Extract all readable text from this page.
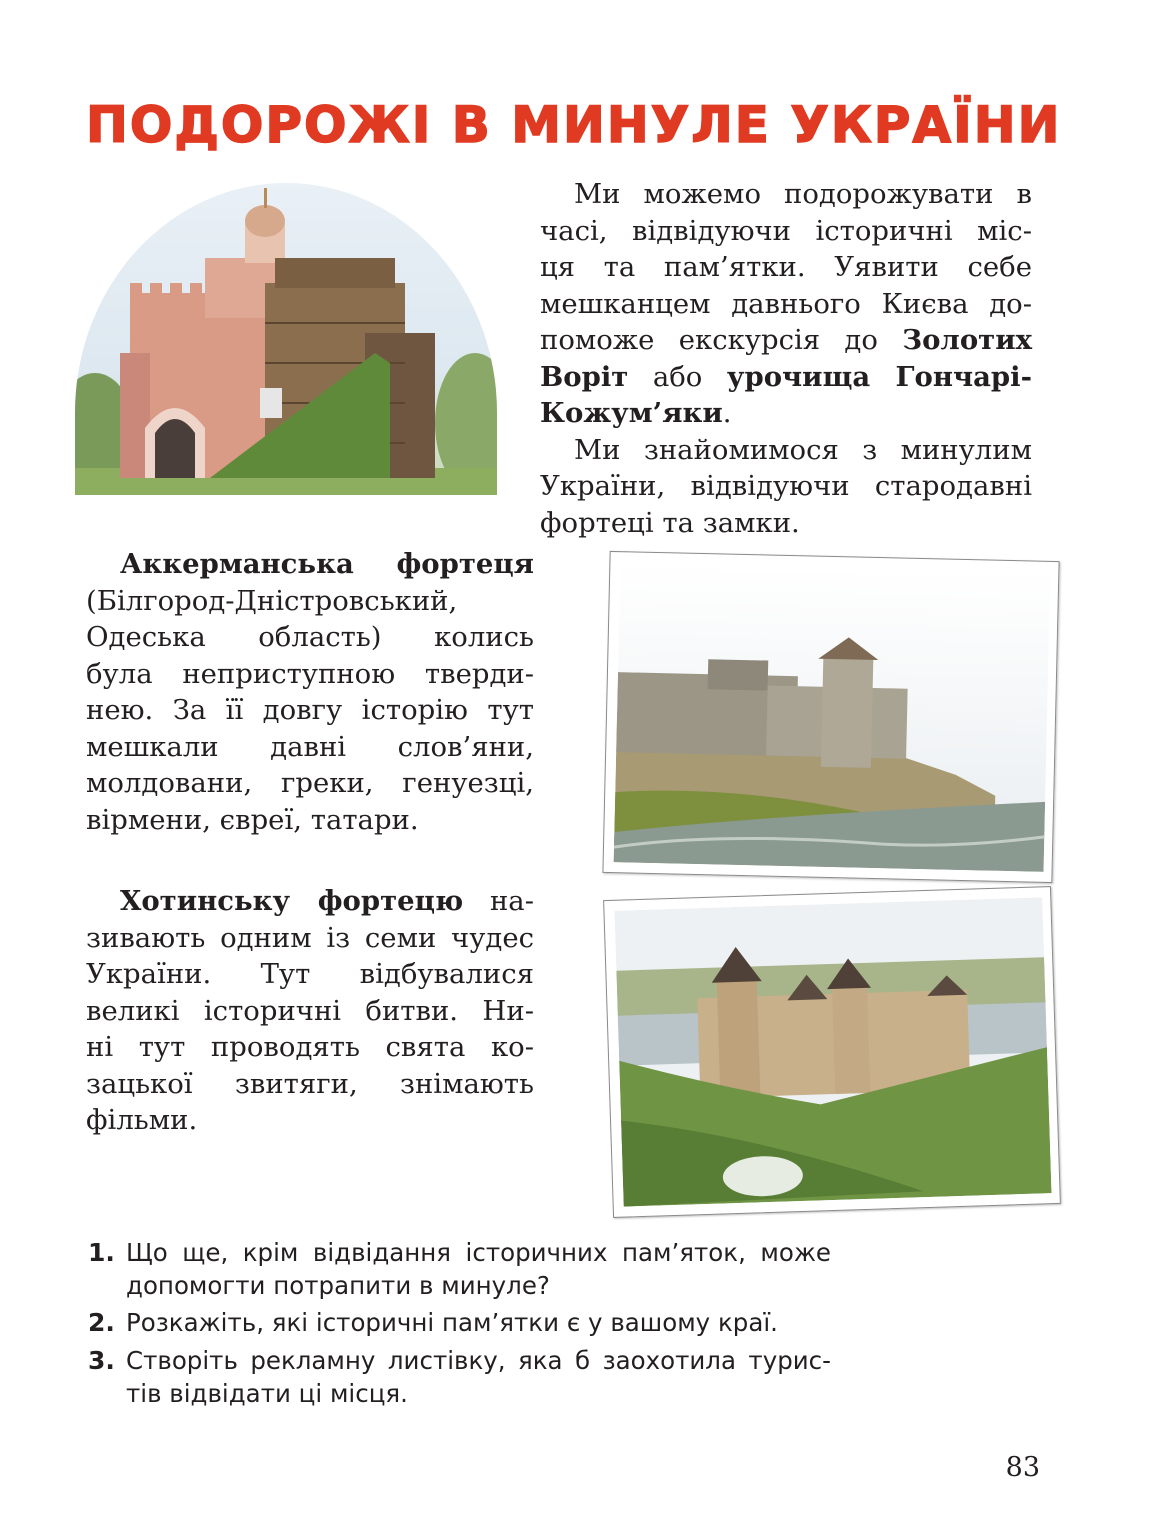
ПОДОРОЖІ В МИНУЛЕ УКРАЇНИ
Ми можемо подорожувати в
часі, відвідуючи історичні міс-
ця та пам’ятки. Уявити себе
мешканцем давнього Києва до-
поможе екскурсія до Золотих
Воріт або урочища Гончарі-
Кожум’яки.
Ми знайомимося з минулим
України, відвідуючи стародавні
фортеці та замки.
Аккерманська фортеця
(Білгород-Дністровський,
Одеська область) колись
була неприступною тверди-
нею. За її довгу історію тут
мешкали давні слов’яни,
молдовани, греки, генуезці,
вірмени, євреї, татари.
Хотинську фортецю на-
зивають одним із семи чудес
України. Тут відбувалися
великі історичні битви. Ни-
ні тут проводять свята ко-
зацької звитяги, знімають
фільми.
1. Що ще, крім відвідання історичних пам’яток, може
допомогти потрапити в минуле?
2. Розкажіть, які історичні пам’ятки є у вашому краї.
3. Створіть рекламну листівку, яка б заохотила турис-
тів відвідати ці місця.
83
